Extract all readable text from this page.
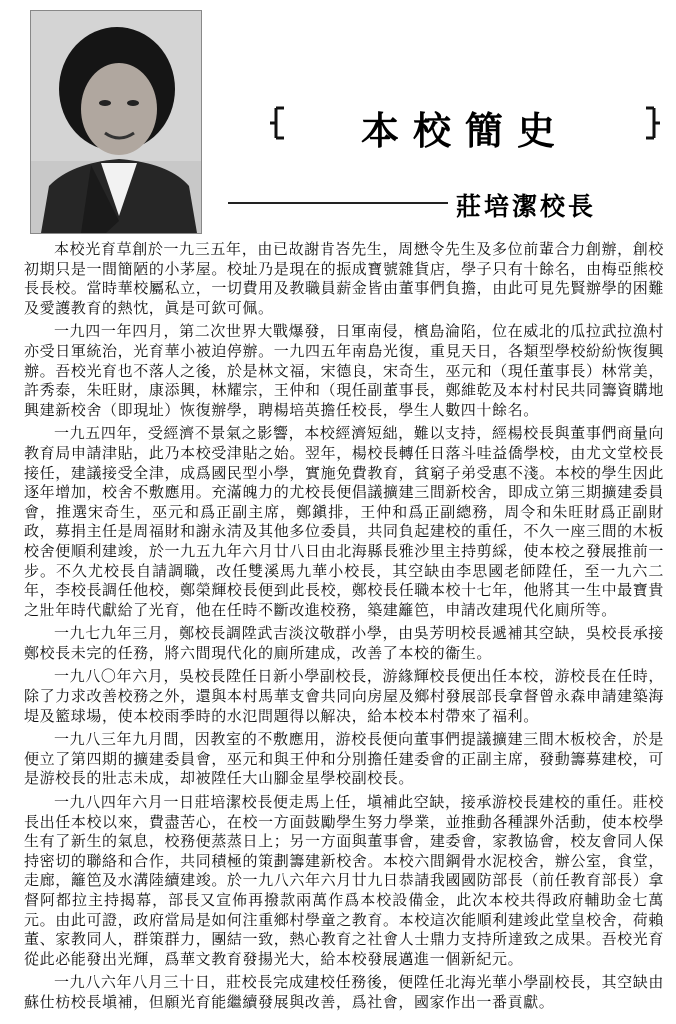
本校簡史
莊培潔校長

本校光育草創於一九三五年，由已故謝肯峇先生，周懋令先生及多位前輩合力創辦，創校初期只是一間簡陋的小茅屋。校址乃是現在的振成寶號雜貨店，學子只有十餘名，由梅亞熊校長長校。當時華校屬私立，一切費用及教職員薪金皆由董事們負擔，由此可見先賢辦學的困難及愛護教育的熱忱，眞是可欽可佩。

一九四一年四月，第二次世界大戰爆發，日軍南侵，檳島淪陷，位在威北的瓜拉武拉漁村亦受日軍統治，光育華小被迫停辦。一九四五年南島光復，重見天日，各類型學校紛紛恢復興辦。吾校光育也不落人之後，於是林文福，宋德良，宋奇生，巫元和（現任董事長）林常美，許秀泰，朱旺財，康添興，林耀宗，王仲和（現任副董事長，鄭維乾及本村村民共同籌資購地興建新校舍（即現址）恢復辦學，聘楊培英擔任校長，學生人數四十餘名。

一九五四年，受經濟不景氣之影響，本校經濟短絀，難以支持，經楊校長與董事們商量向教育局申請津貼，此乃本校受津貼之始。翌年，楊校長轉任日落斗哇益僑學校，由尤文堂校長接任，建議接受全津，成爲國民型小學，實施免費教育，貧窮子弟受惠不淺。本校的學生因此逐年增加，校舍不敷應用。充滿魄力的尤校長便倡議擴建三間新校舍，即成立第三期擴建委員會，推選宋奇生，巫元和爲正副主席，鄭鎭排，王仲和爲正副總務，周令和朱旺財爲正副財政，募捐主任是周福財和謝永淸及其他多位委員，共同負起建校的重任，不久一座三間的木板校舍便順利建竣，於一九五九年六月廿八日由北海縣長雅沙里主持剪綵，使本校之發展推前一步。不久尤校長自請調職，改任雙溪馬九華小校長，其空缺由李思國老師陞任，至一九六二年，李校長調任他校，鄭榮輝校長便到此長校，鄭校長任職本校十七年，他將其一生中最寶貴之壯年時代獻給了光育，他在任時不斷改進校務，築建籬笆，申請改建現代化廁所等。

一九七九年三月，鄭校長調陞武吉淡汶敬群小學，由吳芳明校長遞補其空缺，吳校長承接鄭校長未完的任務，將六間現代化的廁所建成，改善了本校的衞生。

一九八〇年六月，吳校長陞任日新小學副校長，游緣輝校長便出任本校，游校長在任時，除了力求改善校務之外，還與本村馬華支會共同向房屋及鄉村發展部長拿督曾永森申請建築海堤及籃球場，使本校雨季時的水氾問題得以解决，給本校本村帶來了福利。

一九八三年九月間，因教室的不敷應用，游校長便向董事們提議擴建三間木板校舍，於是便立了第四期的擴建委員會，巫元和與王仲和分別擔任建委會的正副主席，發動籌募建校，可是游校長的壯志未成，却被陞任大山腳金星學校副校長。

一九八四年六月一日莊培潔校長便走馬上任，塡補此空缺，接承游校長建校的重任。莊校長出任本校以來，費盡苦心，在校一方面鼓勵學生努力學業，並推動各種課外活動，使本校學生有了新生的氣息，校務便蒸蒸日上；另一方面與董事會，建委會，家教協會，校友會同人保持密切的聯絡和合作，共同積極的策劃籌建新校舍。本校六間鋼骨水泥校舍，辦公室，食堂，走廊，籬笆及水溝陸續建竣。於一九八六年六月廿九日恭請我國國防部長（前任教育部長）拿督阿都拉主持揭幕，部長又宣佈再撥款兩萬作爲本校設備金，此次本校共得政府輔助金七萬元。由此可證，政府當局是如何注重鄉村學童之教育。本校這次能順利建竣此堂皇校舍，荷賴董、家教同人，群策群力，團結一致，熱心教育之社會人士鼎力支持所達致之成果。吾校光育從此必能發出光輝，爲華文教育發揚光大，給本校發展邁進一個新紀元。

一九八六年八月三十日，莊校長完成建校任務後，便陞任北海光華小學副校長，其空缺由蘇仕枋校長塡補，但願光育能繼續發展與改善，爲社會，國家作出一番貢獻。
